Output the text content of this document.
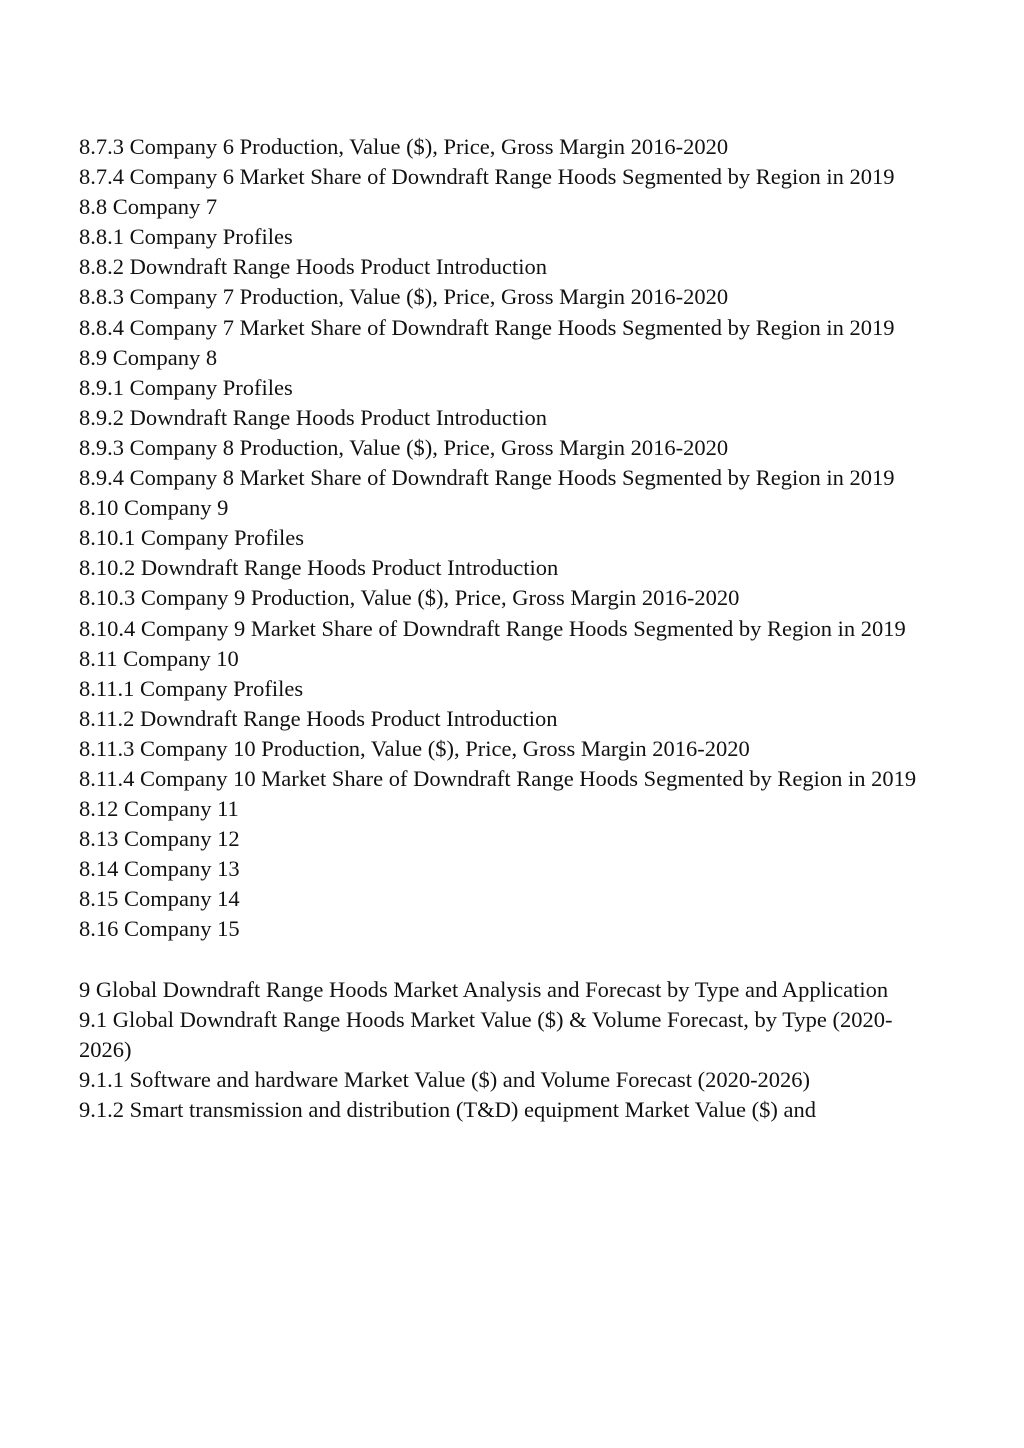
8.7.3 Company 6 Production, Value ($), Price, Gross Margin 2016-2020

8.7.4 Company 6 Market Share of Downdraft Range Hoods Segmented by Region in 2019

8.8 Company 7

8.8.1 Company Profiles

8.8.2 Downdraft Range Hoods Product Introduction

8.8.3 Company 7 Production, Value ($), Price, Gross Margin 2016-2020

8.8.4 Company 7 Market Share of Downdraft Range Hoods Segmented by Region in 2019

8.9 Company 8

8.9.1 Company Profiles

8.9.2 Downdraft Range Hoods Product Introduction

8.9.3 Company 8 Production, Value ($), Price, Gross Margin 2016-2020

8.9.4 Company 8 Market Share of Downdraft Range Hoods Segmented by Region in 2019

8.10 Company 9

8.10.1 Company Profiles

8.10.2 Downdraft Range Hoods Product Introduction

8.10.3 Company 9 Production, Value ($), Price, Gross Margin 2016-2020

8.10.4 Company 9 Market Share of Downdraft Range Hoods Segmented by Region in 2019

8.11 Company 10

8.11.1 Company Profiles

8.11.2 Downdraft Range Hoods Product Introduction

8.11.3 Company 10 Production, Value ($), Price, Gross Margin 2016-2020

8.11.4 Company 10 Market Share of Downdraft Range Hoods Segmented by Region in 2019

8.12 Company 11

8.13 Company 12

8.14 Company 13

8.15 Company 14

8.16 Company 15

9 Global Downdraft Range Hoods Market Analysis and Forecast by Type and Application

9.1 Global Downdraft Range Hoods Market Value ($) & Volume Forecast, by Type (2020-2026)

9.1.1 Software and hardware Market Value ($) and Volume Forecast (2020-2026)

9.1.2 Smart transmission and distribution (T&D) equipment Market Value ($) and
